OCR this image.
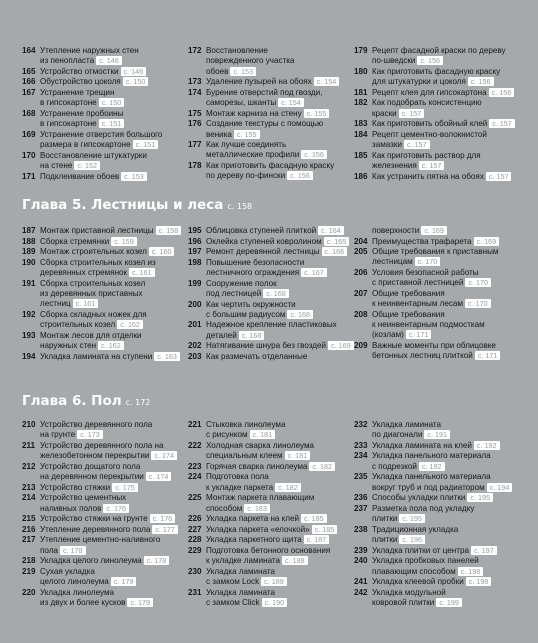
164 Утепление наружных стен
из пенопласта с. 146
165 Устройство отмостки с. 146
166 Обустройство цоколя с. 150
167 Устранение трещин
в гипсокартоне с. 150
168 Устранение пробоины
в гипсокартоне с. 151
169 Устранение отверстия большого
размера в гипсокартоне с. 151
170 Восстановление штукатурки
на стене с. 152
171 Подклеивание обоев с. 153
172 Восстановление
поврежденного участка
обоев с. 153
173 Удаление пузырей на обоях с. 154
174 Бурение отверстий под гвозди,
саморезы, шканты с. 154
175 Монтаж карниза на стену с. 155
176 Создание текстуры с помощью
веника с. 155
177 Как лучше соединять
металлические профили с. 156
178 Как приготовить фасадную краску
по дереву по-фински с. 156
179 Рецепт фасадной краски по дереву
по-шведски с. 156
180 Как приготовить фасадную краску
для штукатурки и цоколя с. 156
181 Рецепт клея для гипсокартона с. 156
182 Как подобрать консистенцию
краски с. 157
183 Как приготовить обойный клей с. 157
184 Рецепт цементно-волокнистой
замазки с. 157
185 Как приготовить раствор для
железнения с. 157
186 Как устранить пятна на обоях с. 157
Глава 5. Лестницы и леса с. 158
187 Монтаж приставной лестницы с. 158
188 Сборка стремянки с. 159
189 Монтаж строительных козел с. 160
190 Сборка строительных козел из
деревянных стремянок с. 161
191 Сборка строительных козел
из деревянных приставных
лестниц с. 161
192 Сборка складных ножек для
строительных козел с. 162
193 Монтаж лесов для отделки
наружных стен с. 162
194 Укладка ламината на ступени с. 163
195 Облицовка ступеней плиткой с. 164
196 Оклейка ступеней ковролином с. 165
197 Ремонт деревянной лестницы с. 166
198 Повышение безопасности
лестничного ограждения с. 167
199 Сооружение полок
под лестницей с. 168
200 Как чертить окружности
с большим радиусом с. 168
201 Надежное крепление пластиковых
деталей с. 168
202 Натягивание шнура без гвоздей с. 169
203 Как размечать отделанные
поверхности с. 169
204 Преимущества трафарета с. 169
205 Общие требования к приставным
лестницам с. 170
206 Условия безопасной работы
с приставной лестницей с. 170
207 Общие требования
к неинвентарным лесам с. 170
208 Общие требования
к неинвентарным подмосткам
(козлам) с. 171
209 Важные моменты при облицовке
бетонных лестниц плиткой с. 171
Глава 6. Пол с. 172
210 Устройство деревянного пола
на грунте с. 173
211 Устройство деревянного пола на
железобетонном перекрытии с. 174
212 Устройство дощатого пола
на деревянном перекрытии с. 174
213 Устройство стяжки с. 175
214 Устройство цементных
наливных полов с. 176
215 Устройство стяжки на грунте с. 176
216 Утепление деревянного пола с. 177
217 Утепление цементно-наливного
пола с. 178
218 Укладка целого линолеума с. 178
219 Сухая укладка
целого линолеума с. 179
220 Укладка линолеума
из двух и более кусков с. 179
221 Стыковка линолеума
с рисунком с. 181
222 Холодная сварка линолеума
специальным клеем с. 181
223 Горячая сварка линолеума с. 182
224 Подготовка пола
к укладке паркета с. 182
225 Монтаж паркета плавающим
способом с. 183
226 Укладка паркета на клей с. 185
227 Укладка паркета «елочкой» с. 185
228 Укладка паркетного щита с. 187
229 Подготовка бетонного основания
к укладке ламината с. 188
230 Укладка ламината
с замком Lock с. 189
231 Укладка ламината
с замком Click с. 190
232 Укладка ламината
по диагонали с. 191
233 Укладка ламината на клей с. 192
234 Укладка панельного материала
с подрезкой с. 192
235 Укладка панельного материала
вокруг труб и под радиатором с. 194
236 Способы укладки плитки с. 195
237 Разметка пола под укладку
плитки с. 195
238 Традиционная укладка
плитки с. 196
239 Укладка плитки от центра с. 197
240 Укладка пробковых панелей
плавающим способом с. 198
241 Укладка клеевой пробки с. 198
242 Укладка модульной
ковровой плитки с. 199
